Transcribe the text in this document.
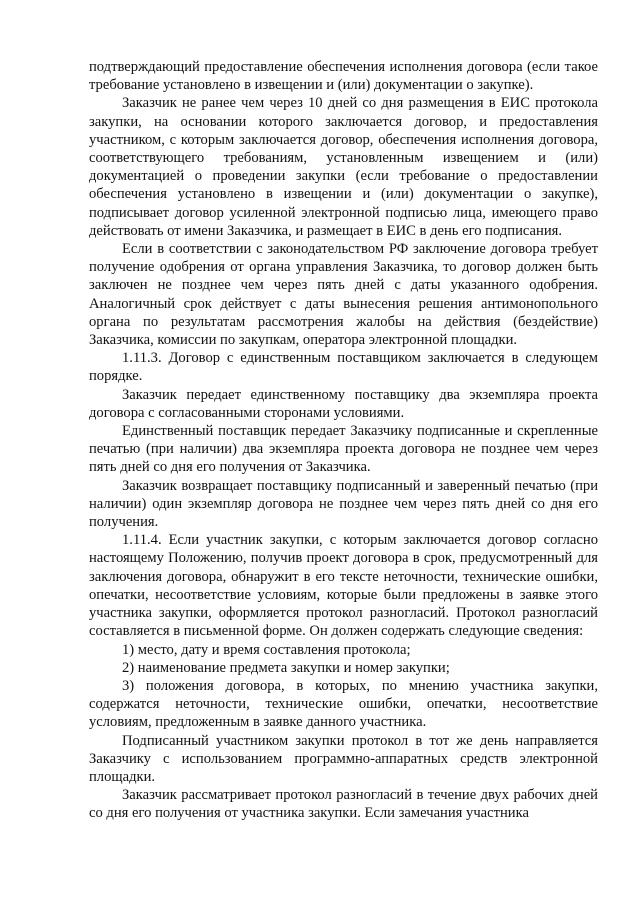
подтверждающий предоставление обеспечения исполнения договора (если такое требование установлено в извещении и (или) документации о закупке).

Заказчик не ранее чем через 10 дней со дня размещения в ЕИС протокола закупки, на основании которого заключается договор, и предоставления участником, с которым заключается договор, обеспечения исполнения договора, соответствующего требованиям, установленным извещением и (или) документацией о проведении закупки (если требование о предоставлении обеспечения установлено в извещении и (или) документации о закупке), подписывает договор усиленной электронной подписью лица, имеющего право действовать от имени Заказчика, и размещает в ЕИС в день его подписания.

Если в соответствии с законодательством РФ заключение договора требует получение одобрения от органа управления Заказчика, то договор должен быть заключен не позднее чем через пять дней с даты указанного одобрения. Аналогичный срок действует с даты вынесения решения антимонопольного органа по результатам рассмотрения жалобы на действия (бездействие) Заказчика, комиссии по закупкам, оператора электронной площадки.

1.11.3. Договор с единственным поставщиком заключается в следующем порядке.

Заказчик передает единственному поставщику два экземпляра проекта договора с согласованными сторонами условиями.

Единственный поставщик передает Заказчику подписанные и скрепленные печатью (при наличии) два экземпляра проекта договора не позднее чем через пять дней со дня его получения от Заказчика.

Заказчик возвращает поставщику подписанный и заверенный печатью (при наличии) один экземпляр договора не позднее чем через пять дней со дня его получения.

1.11.4. Если участник закупки, с которым заключается договор согласно настоящему Положению, получив проект договора в срок, предусмотренный для заключения договора, обнаружит в его тексте неточности, технические ошибки, опечатки, несоответствие условиям, которые были предложены в заявке этого участника закупки, оформляется протокол разногласий. Протокол разногласий составляется в письменной форме. Он должен содержать следующие сведения:

1) место, дату и время составления протокола;

2) наименование предмета закупки и номер закупки;

3) положения договора, в которых, по мнению участника закупки, содержатся неточности, технические ошибки, опечатки, несоответствие условиям, предложенным в заявке данного участника.

Подписанный участником закупки протокол в тот же день направляется Заказчику с использованием программно-аппаратных средств электронной площадки.

Заказчик рассматривает протокол разногласий в течение двух рабочих дней со дня его получения от участника закупки. Если замечания участника
